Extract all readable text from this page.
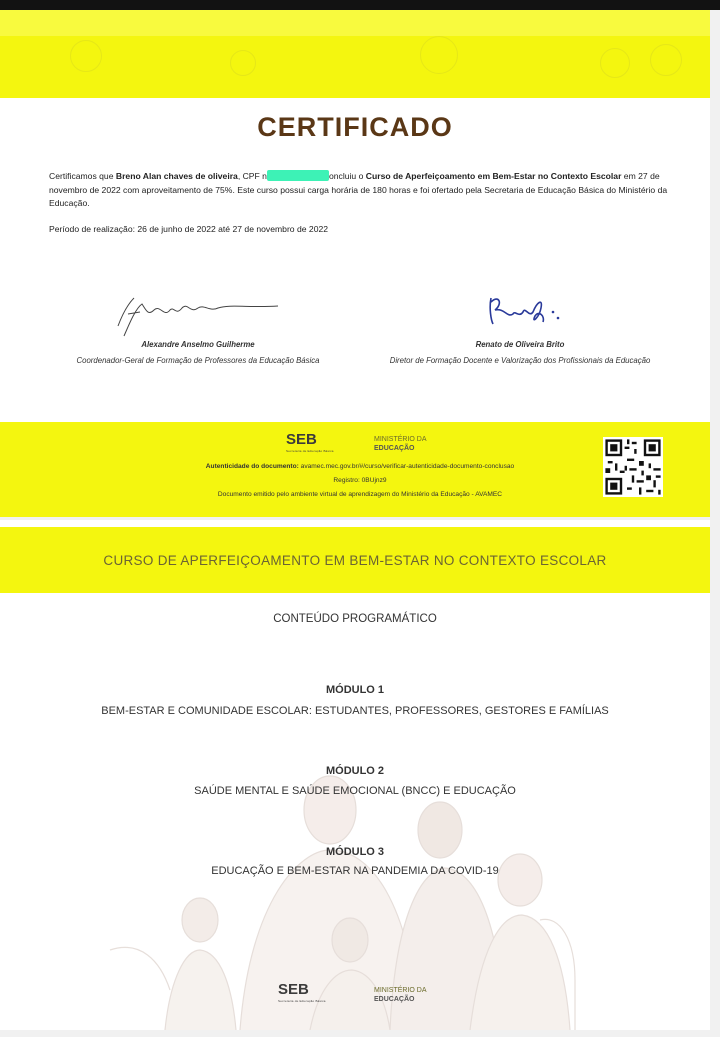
CERTIFICADO
Certificamos que Breno Alan chaves de oliveira, CPF n	oncluiu o Curso de Aperfeiçoamento em Bem-Estar no Contexto Escolar em 27 de novembro de 2022 com aproveitamento de 75%. Este curso possui carga horária de 180 horas e foi ofertado pela Secretaria de Educação Básica do Ministério da Educação.
Período de realização: 26 de junho de 2022 até 27 de novembro de 2022
Alexandre Anselmo Guilherme
Coordenador-Geral de Formação de Professores da Educação Básica
Renato de Oliveira Brito
Diretor de Formação Docente e Valorização dos Profissionais da Educação
SEB
Secretaria de Educação Básica
MINISTÉRIO DA
EDUCAÇÃO
Autenticidade do documento: avamec.mec.gov.br/#/curso/verificar-autenticidade-documento-conclusao
Registro: 0BUjnz9
Documento emitido pelo ambiente virtual de aprendizagem do Ministério da Educação - AVAMEC
CURSO DE APERFEIÇOAMENTO EM BEM-ESTAR NO CONTEXTO ESCOLAR
CONTEÚDO PROGRAMÁTICO
MÓDULO 1
BEM-ESTAR E COMUNIDADE ESCOLAR: ESTUDANTES, PROFESSORES, GESTORES E FAMÍLIAS
MÓDULO 2
SAÚDE MENTAL E SAÚDE EMOCIONAL (BNCC) E EDUCAÇÃO
MÓDULO 3
EDUCAÇÃO E BEM-ESTAR NA PANDEMIA DA COVID-19
SEB
Secretaria de Educação Básica
MINISTÉRIO DA
EDUCAÇÃO
